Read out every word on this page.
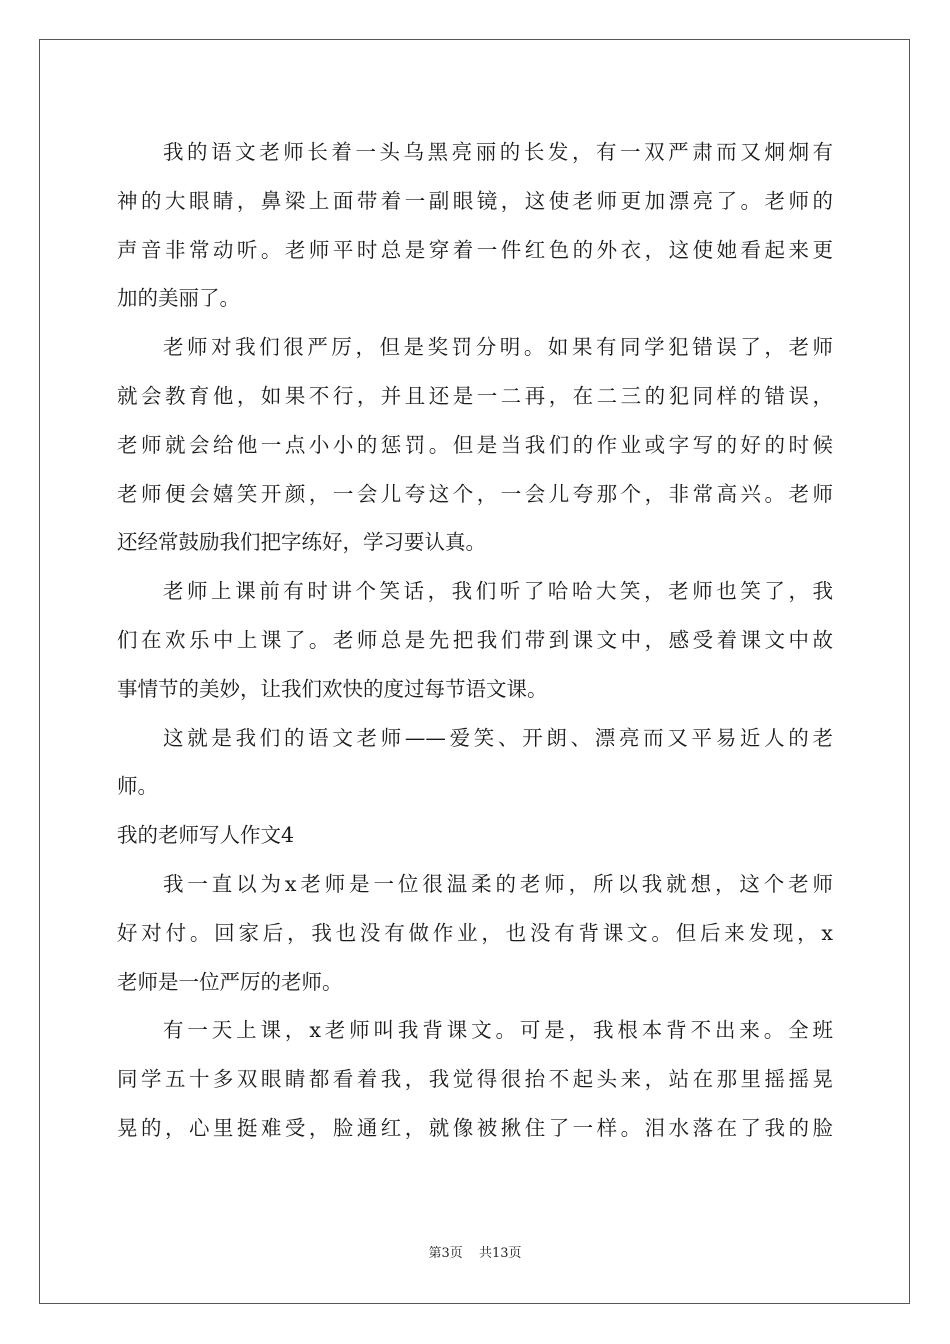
我的语文老师长着一头乌黑亮丽的长发，有一双严肃而又炯炯有
神的大眼睛，鼻梁上面带着一副眼镜，这使老师更加漂亮了。老师的
声音非常动听。老师平时总是穿着一件红色的外衣，这使她看起来更
加的美丽了。
老师对我们很严厉，但是奖罚分明。如果有同学犯错误了，老师
就会教育他，如果不行，并且还是一二再，在二三的犯同样的错误，
老师就会给他一点小小的惩罚。但是当我们的作业或字写的好的时候
老师便会嬉笑开颜，一会儿夸这个，一会儿夸那个，非常高兴。老师
还经常鼓励我们把字练好，学习要认真。
老师上课前有时讲个笑话，我们听了哈哈大笑，老师也笑了，我
们在欢乐中上课了。老师总是先把我们带到课文中，感受着课文中故
事情节的美妙，让我们欢快的度过每节语文课。
这就是我们的语文老师——爱笑、开朗、漂亮而又平易近人的老
师。
我的老师写人作文4
我一直以为x老师是一位很温柔的老师，所以我就想，这个老师
好对付。回家后，我也没有做作业，也没有背课文。但后来发现，x
老师是一位严厉的老师。
有一天上课，x老师叫我背课文。可是，我根本背不出来。全班
同学五十多双眼睛都看着我，我觉得很抬不起头来，站在那里摇摇晃
晃的，心里挺难受，脸通红，就像被揪住了一样。泪水落在了我的脸
第3页 共13页
